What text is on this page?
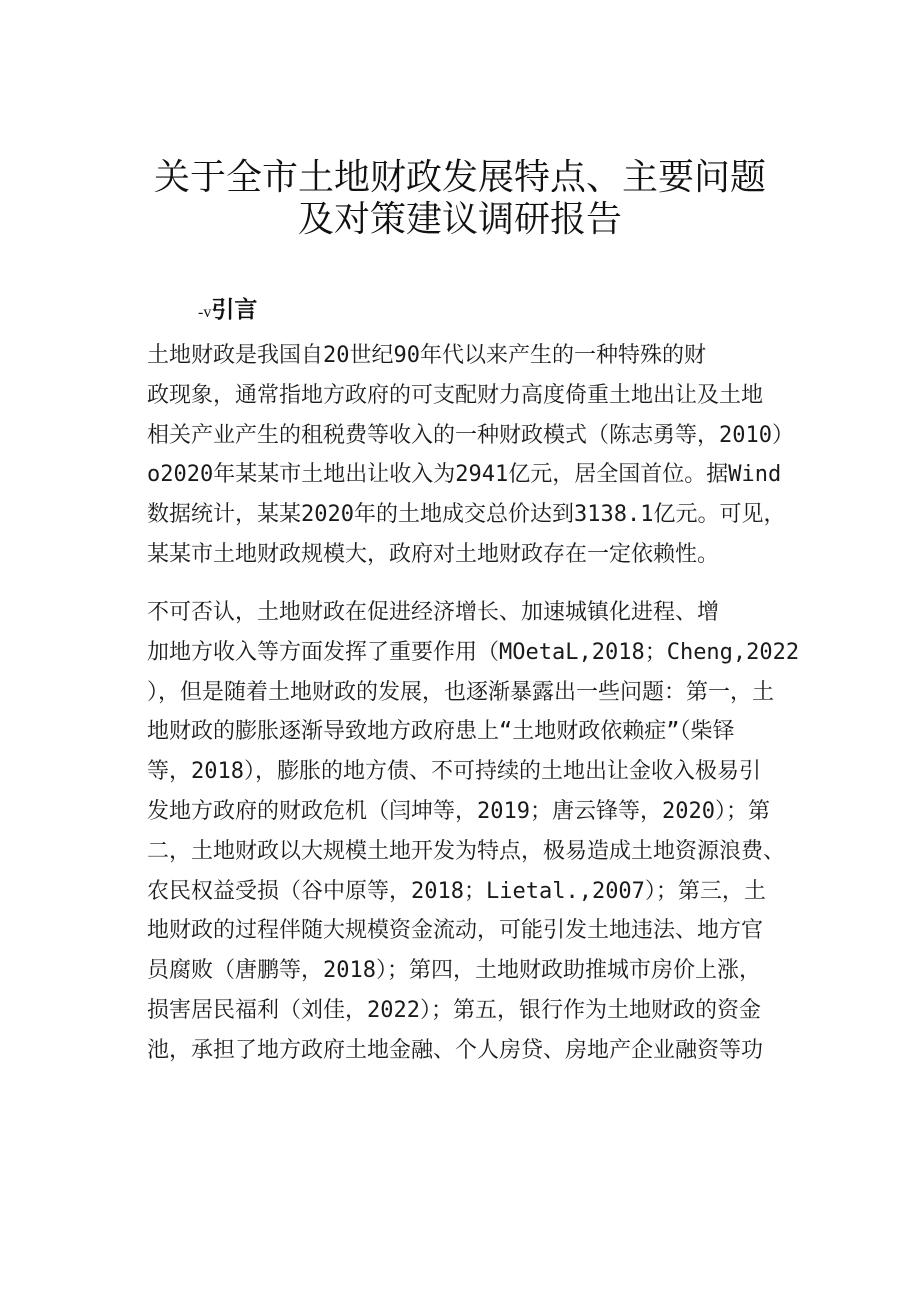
关于全市土地财政发展特点、主要问题
及对策建议调研报告
-v引言
土地财政是我国自20世纪90年代以来产生的一种特殊的财
政现象，通常指地方政府的可支配财力高度倚重土地出让及土地
相关产业产生的租税费等收入的一种财政模式（陈志勇等，2010）
o2020年某某市土地出让收入为2941亿元，居全国首位。据Wind
数据统计，某某2020年的土地成交总价达到3138.1亿元。可见，
某某市土地财政规模大，政府对土地财政存在一定依赖性。
不可否认，土地财政在促进经济增长、加速城镇化进程、增
加地方收入等方面发挥了重要作用（MOetaL,2018；Cheng,2022
），但是随着土地财政的发展，也逐渐暴露出一些问题：第一，土
地财政的膨胀逐渐导致地方政府患上“土地财政依赖症”（柴铎
等，2018），膨胀的地方债、不可持续的土地出让金收入极易引
发地方政府的财政危机（闫坤等，2019；唐云锋等，2020）；第
二，土地财政以大规模土地开发为特点，极易造成土地资源浪费、
农民权益受损（谷中原等，2018；Lietal.,2007）；第三，土
地财政的过程伴随大规模资金流动，可能引发土地违法、地方官
员腐败（唐鹏等，2018）；第四，土地财政助推城市房价上涨，
损害居民福利（刘佳，2022）；第五，银行作为土地财政的资金
池，承担了地方政府土地金融、个人房贷、房地产企业融资等功
